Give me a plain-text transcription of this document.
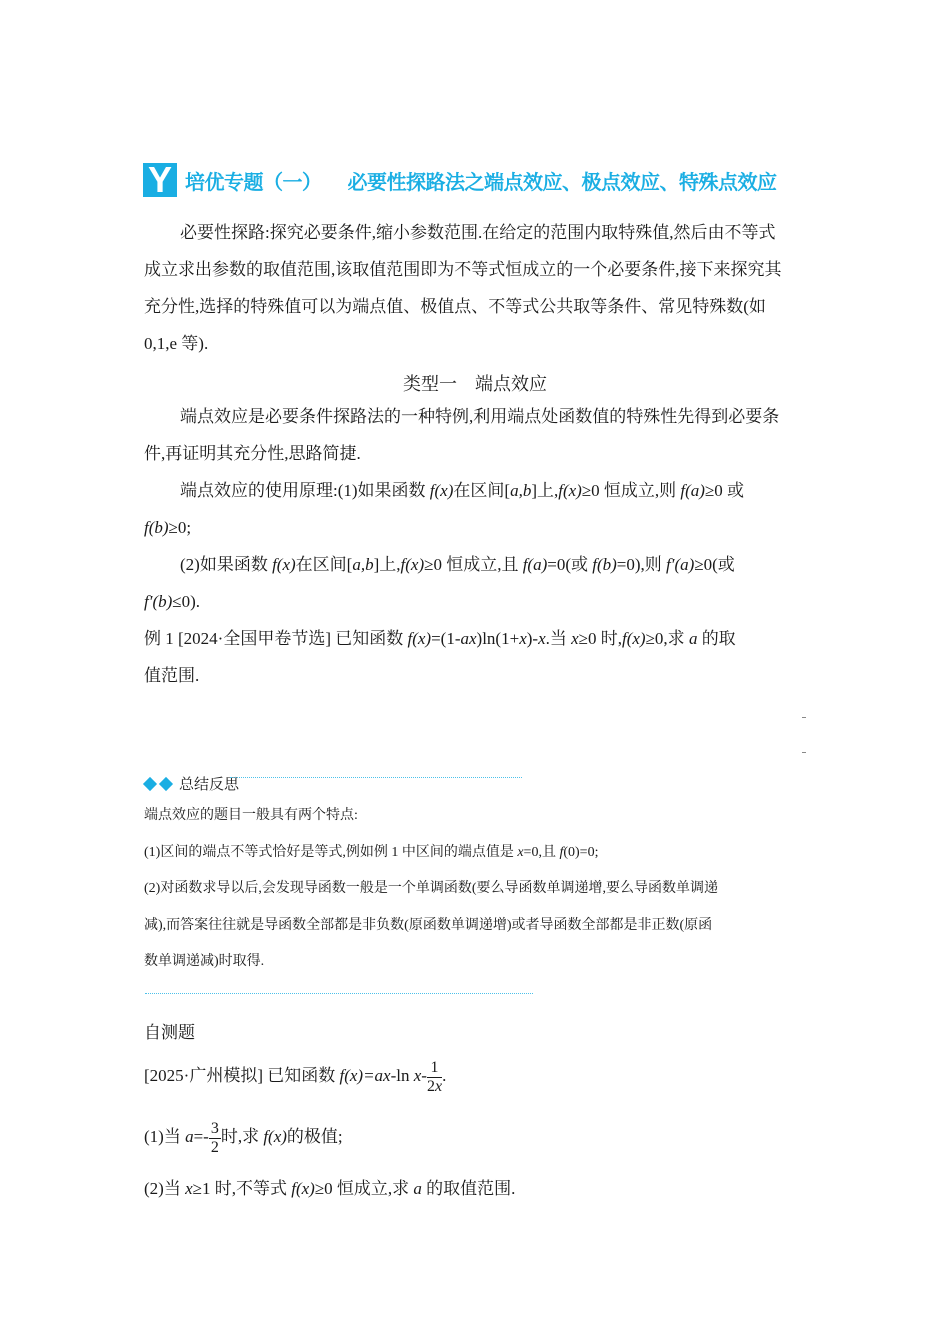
Y 培优专题（一） 必要性探路法之端点效应、极点效应、特殊点效应
必要性探路:探究必要条件,缩小参数范围.在给定的范围内取特殊值,然后由不等式
成立求出参数的取值范围,该取值范围即为不等式恒成立的一个必要条件,接下来探究其
充分性,选择的特殊值可以为端点值、极值点、不等式公共取等条件、常见特殊数(如
0,1,e 等).
类型一　端点效应
端点效应是必要条件探路法的一种特例,利用端点处函数值的特殊性先得到必要条
件,再证明其充分性,思路简捷.
端点效应的使用原理:(1)如果函数 f(x)在区间[a,b]上,f(x)≥0 恒成立,则 f(a)≥0 或
f(b)≥0;
(2)如果函数 f(x)在区间[a,b]上,f(x)≥0 恒成立,且 f(a)=0(或 f(b)=0),则 f′(a)≥0(或
f′(b)≤0).
例 1 [2024·全国甲卷节选] 已知函数 f(x)=(1-ax)ln(1+x)-x.当 x≥0 时,f(x)≥0,求 a 的取
值范围.
总结反思
端点效应的题目一般具有两个特点:
(1)区间的端点不等式恰好是等式,例如例 1 中区间的端点值是 x=0,且 f(0)=0;
(2)对函数求导以后,会发现导函数一般是一个单调函数(要么导函数单调递增,要么导函数单调递
减),而答案往往就是导函数全部都是非负数(原函数单调递增)或者导函数全部都是非正数(原函
数单调递减)时取得.
自测题
[2025·广州模拟] 已知函数 f(x)=ax-ln $x- \frac{1}{2x}$ .
(1)当 $a=- \frac{3}{2}$ 时,求 f(x)的极值;
(2)当 x≥1 时,不等式 f(x)≥0 恒成立,求 a 的取值范围.
